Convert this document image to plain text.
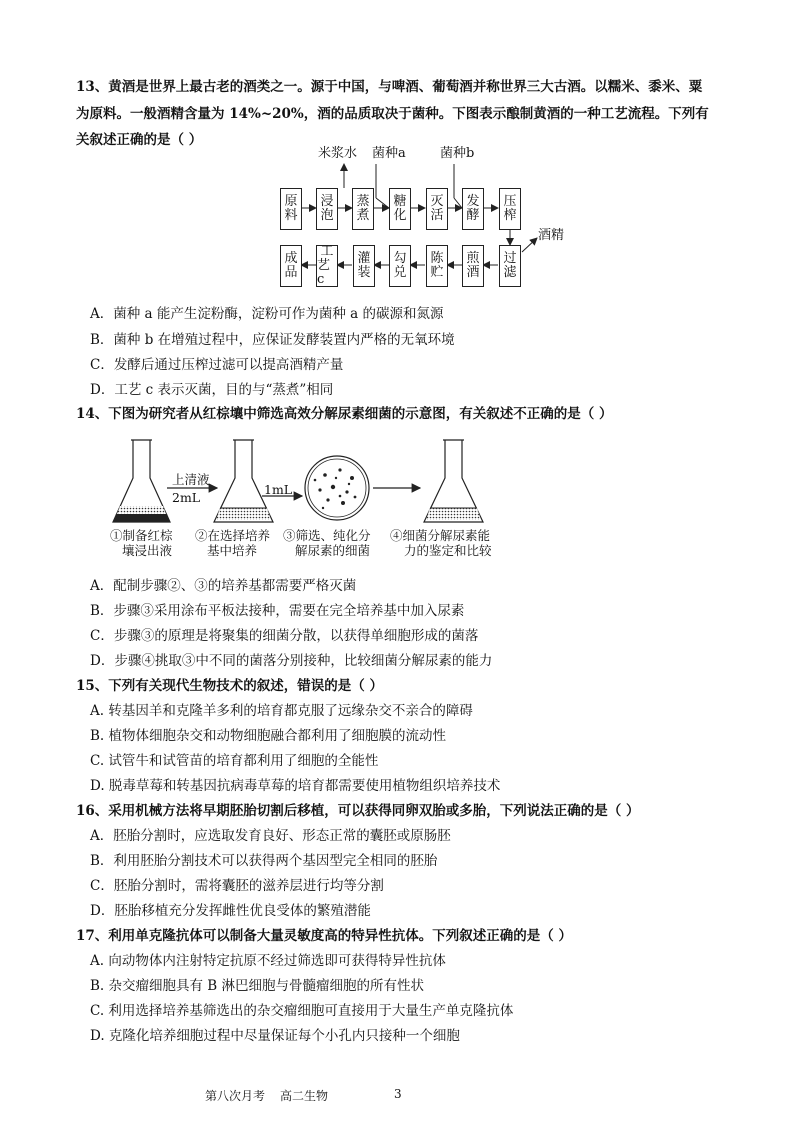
13、黄酒是世界上最古老的酒类之一。源于中国，与啤酒、葡萄酒并称世界三大古酒。以糯米、黍米、粟
为原料。一般酒精含量为 14%~20%，酒的品质取决于菌种。下图表示酿制黄酒的一种工艺流程。下列有
关叙述正确的是（ ）
米浆水 菌种a	菌种b
酒精
原
料
浸
泡
蒸
煮
糖
化
灭
活
发
酵
压
榨
成
品
工
艺c
灌
装
勾
兑
陈
贮
煎
酒
过
滤
A．菌种 a 能产生淀粉酶，淀粉可作为菌种 a 的碳源和氮源
B．菌种 b 在增殖过程中，应保证发酵装置内严格的无氧环境
C．发酵后通过压榨过滤可以提高酒精产量
D．工艺 c 表示灭菌，目的与“蒸煮”相同
14、下图为研究者从红棕壤中筛选高效分解尿素细菌的示意图，有关叙述不正确的是（ ）
上清液
2mL
1mL
①制备红棕
壤浸出液
②在选择培养
基中培养
③筛选、纯化分
解尿素的细菌
④细菌分解尿素能
力的鉴定和比较
A．配制步骤②、③的培养基都需要严格灭菌
B．步骤③采用涂布平板法接种，需要在完全培养基中加入尿素
C．步骤③的原理是将聚集的细菌分散，以获得单细胞形成的菌落
D．步骤④挑取③中不同的菌落分别接种，比较细菌分解尿素的能力
15、下列有关现代生物技术的叙述，错误的是（ ）
A. 转基因羊和克隆羊多利的培育都克服了远缘杂交不亲合的障碍
B. 植物体细胞杂交和动物细胞融合都利用了细胞膜的流动性
C. 试管牛和试管苗的培育都利用了细胞的全能性
D. 脱毒草莓和转基因抗病毒草莓的培育都需要使用植物组织培养技术
16、采用机械方法将早期胚胎切割后移植，可以获得同卵双胎或多胎，下列说法正确的是（ ）
A．胚胎分割时，应选取发育良好、形态正常的囊胚或原肠胚
B．利用胚胎分割技术可以获得两个基因型完全相同的胚胎
C．胚胎分割时，需将囊胚的滋养层进行均等分割
D．胚胎移植充分发挥雌性优良受体的繁殖潜能
17、利用单克隆抗体可以制备大量灵敏度高的特异性抗体。下列叙述正确的是（ ）
A. 向动物体内注射特定抗原不经过筛选即可获得特异性抗体
B. 杂交瘤细胞具有 B 淋巴细胞与骨髓瘤细胞的所有性状
C. 利用选择培养基筛选出的杂交瘤细胞可直接用于大量生产单克隆抗体
D. 克隆化培养细胞过程中尽量保证每个小孔内只接种一个细胞
第八次月考 高二生物	3
